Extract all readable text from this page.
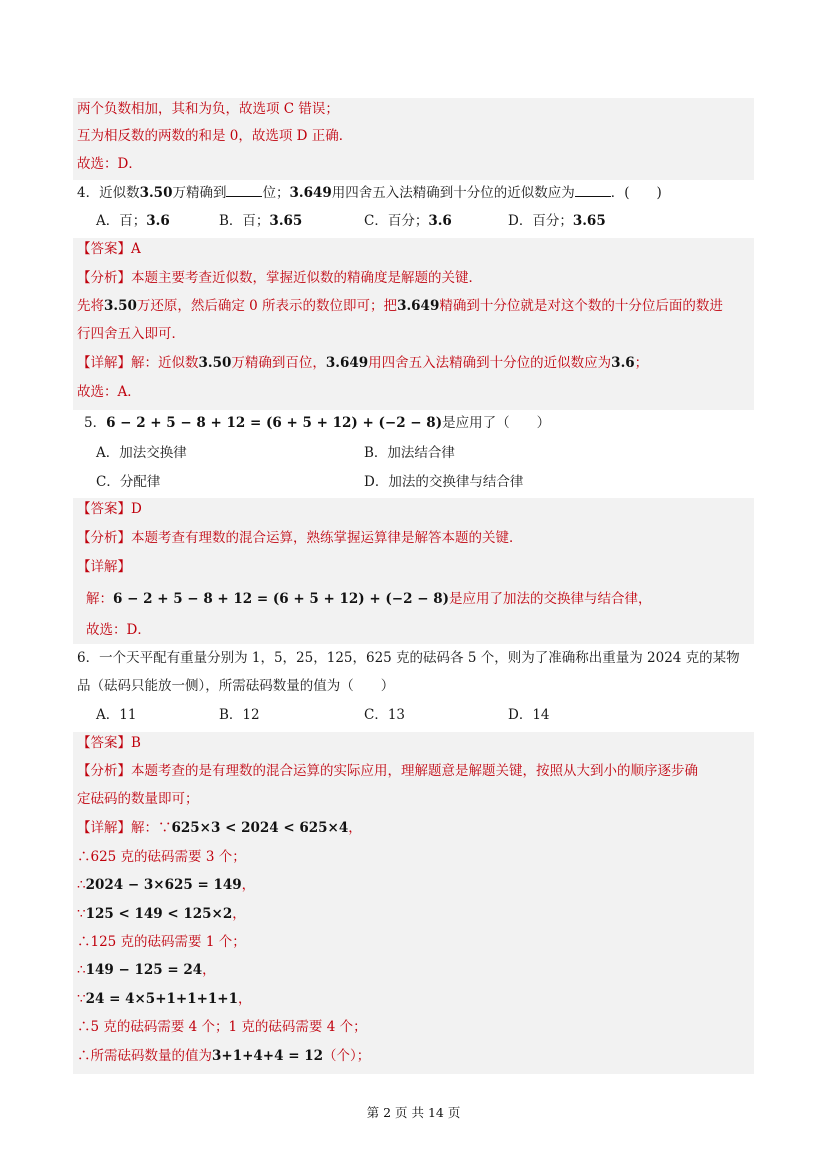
两个负数相加，其和为负，故选项 C 错误；
互为相反数的两数的和是 0，故选项 D 正确．
故选：D．
4．近似数3.50万精确到	位；3.649用四舍五入法精确到十分位的近似数应为	．(　　)
A．百；3.6	B．百；3.65	C．百分；3.6	D．百分；3.65
【答案】A
【分析】本题主要考查近似数，掌握近似数的精确度是解题的关键．
先将3.50万还原，然后确定 0 所表示的数位即可；把3.649精确到十分位就是对这个数的十分位后面的数进
行四舍五入即可．
【详解】解：近似数3.50万精确到百位，3.649用四舍五入法精确到十分位的近似数应为3.6；
故选：A．
5．6 − 2 + 5 − 8 + 12 = (6 + 5 + 12) + (−2 − 8)是应用了（　　）
A．加法交换律	B．加法结合律
C．分配律	D．加法的交换律与结合律
【答案】D
【分析】本题考查有理数的混合运算，熟练掌握运算律是解答本题的关键．
【详解】
解：6 − 2 + 5 − 8 + 12 = (6 + 5 + 12) + (−2 − 8)是应用了加法的交换律与结合律，
故选：D．
6．一个天平配有重量分别为 1，5，25，125，625 克的砝码各 5 个，则为了准确称出重量为 2024 克的某物
品（砝码只能放一侧），所需砝码数量的值为（　　）
A．11	B．12	C．13	D．14
【答案】B
【分析】本题考查的是有理数的混合运算的实际应用，理解题意是解题关键，按照从大到小的顺序逐步确
定砝码的数量即可；
【详解】解：∵625×3 < 2024 < 625×4，
∴625 克的砝码需要 3 个；
∴2024 − 3×625 = 149，
∵125 < 149 < 125×2，
∴125 克的砝码需要 1 个；
∴149 − 125 = 24，
∵24 = 4×5+1+1+1+1，
∴5 克的砝码需要 4 个；1 克的砝码需要 4 个；
∴所需砝码数量的值为3+1+4+4 = 12（个）；
第 2 页 共 14 页
